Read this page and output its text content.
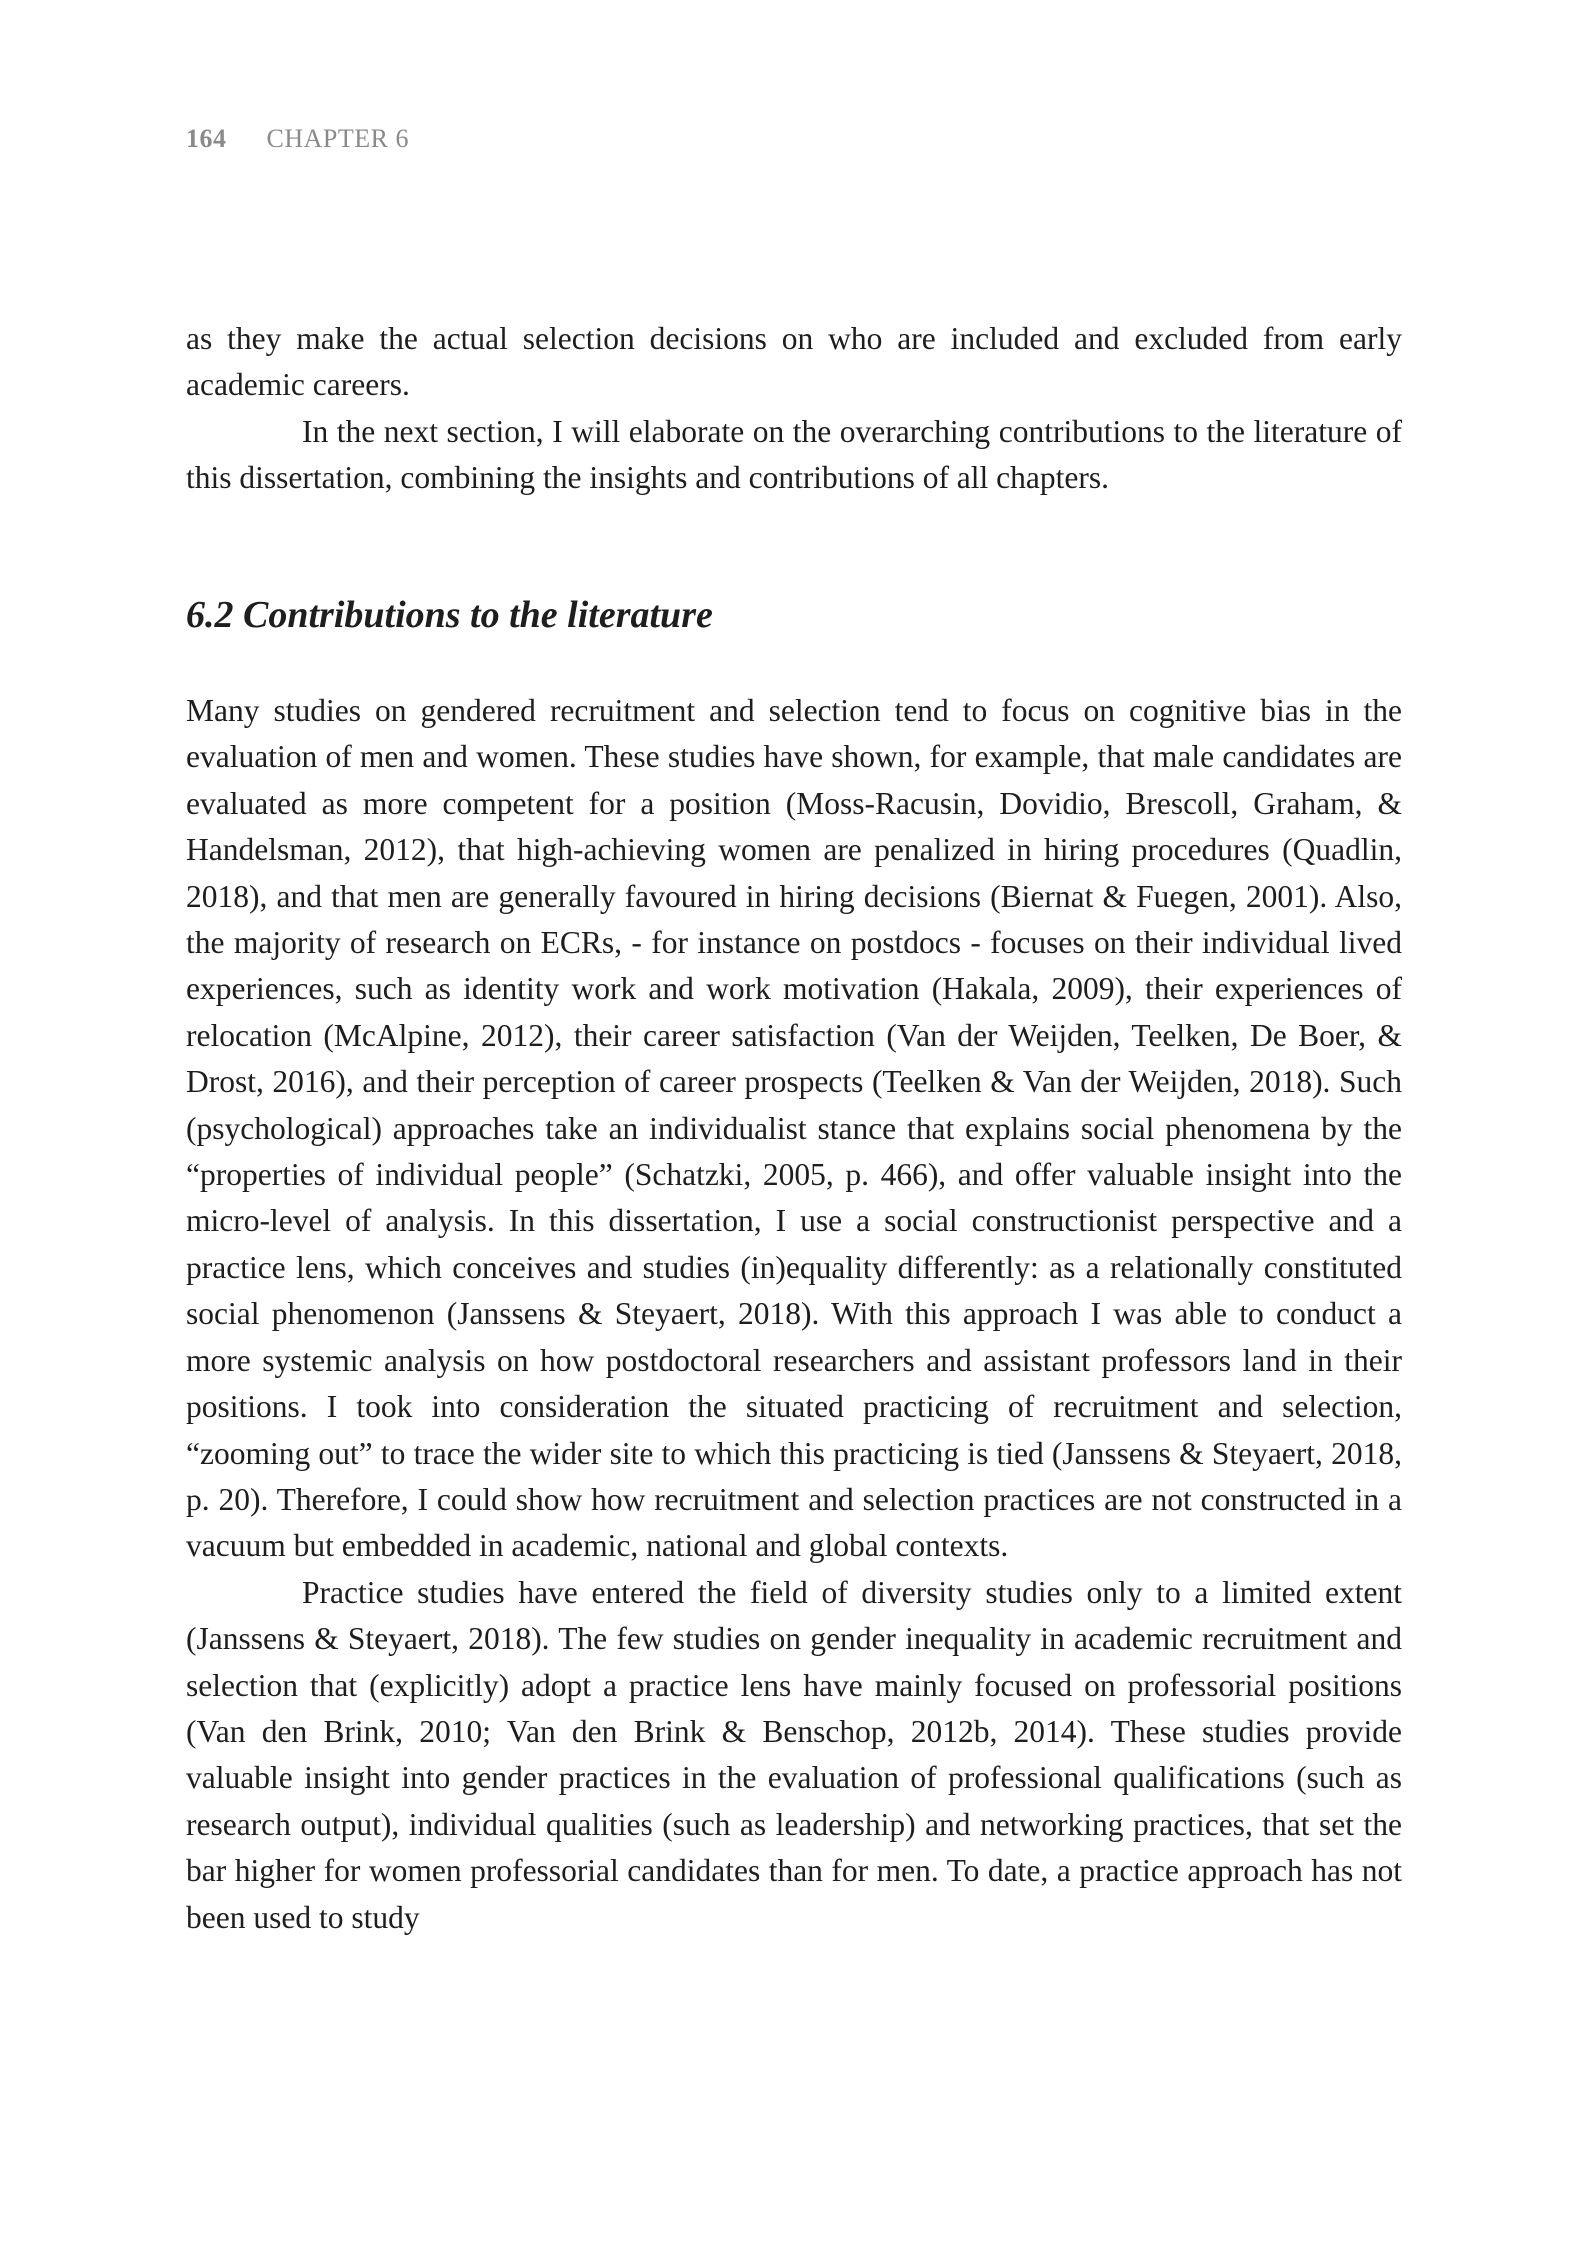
164 CHAPTER 6

as they make the actual selection decisions on who are included and excluded from early academic careers.

In the next section, I will elaborate on the overarching contributions to the literature of this dissertation, combining the insights and contributions of all chapters.

6.2 Contributions to the literature

Many studies on gendered recruitment and selection tend to focus on cognitive bias in the evaluation of men and women. These studies have shown, for example, that male candidates are evaluated as more competent for a position (Moss-Racusin, Dovidio, Brescoll, Graham, & Handelsman, 2012), that high-achieving women are penalized in hiring procedures (Quadlin, 2018), and that men are generally favoured in hiring decisions (Biernat & Fuegen, 2001). Also, the majority of research on ECRs, - for instance on postdocs - focuses on their individual lived experiences, such as identity work and work motivation (Hakala, 2009), their experiences of relocation (McAlpine, 2012), their career satisfaction (Van der Weijden, Teelken, De Boer, & Drost, 2016), and their perception of career prospects (Teelken & Van der Weijden, 2018). Such (psychological) approaches take an individualist stance that explains social phenomena by the “properties of individual people” (Schatzki, 2005, p. 466), and offer valuable insight into the micro-level of analysis. In this dissertation, I use a social constructionist perspective and a practice lens, which conceives and studies (in)equality differently: as a relationally constituted social phenomenon (Janssens & Steyaert, 2018). With this approach I was able to conduct a more systemic analysis on how postdoctoral researchers and assistant professors land in their positions. I took into consideration the situated practicing of recruitment and selection, “zooming out” to trace the wider site to which this practicing is tied (Janssens & Steyaert, 2018, p. 20). Therefore, I could show how recruitment and selection practices are not constructed in a vacuum but embedded in academic, national and global contexts.

Practice studies have entered the field of diversity studies only to a limited extent (Janssens & Steyaert, 2018). The few studies on gender inequality in academic recruitment and selection that (explicitly) adopt a practice lens have mainly focused on professorial positions (Van den Brink, 2010; Van den Brink & Benschop, 2012b, 2014). These studies provide valuable insight into gender practices in the evaluation of professional qualifications (such as research output), individual qualities (such as leadership) and networking practices, that set the bar higher for women professorial candidates than for men. To date, a practice approach has not been used to study
